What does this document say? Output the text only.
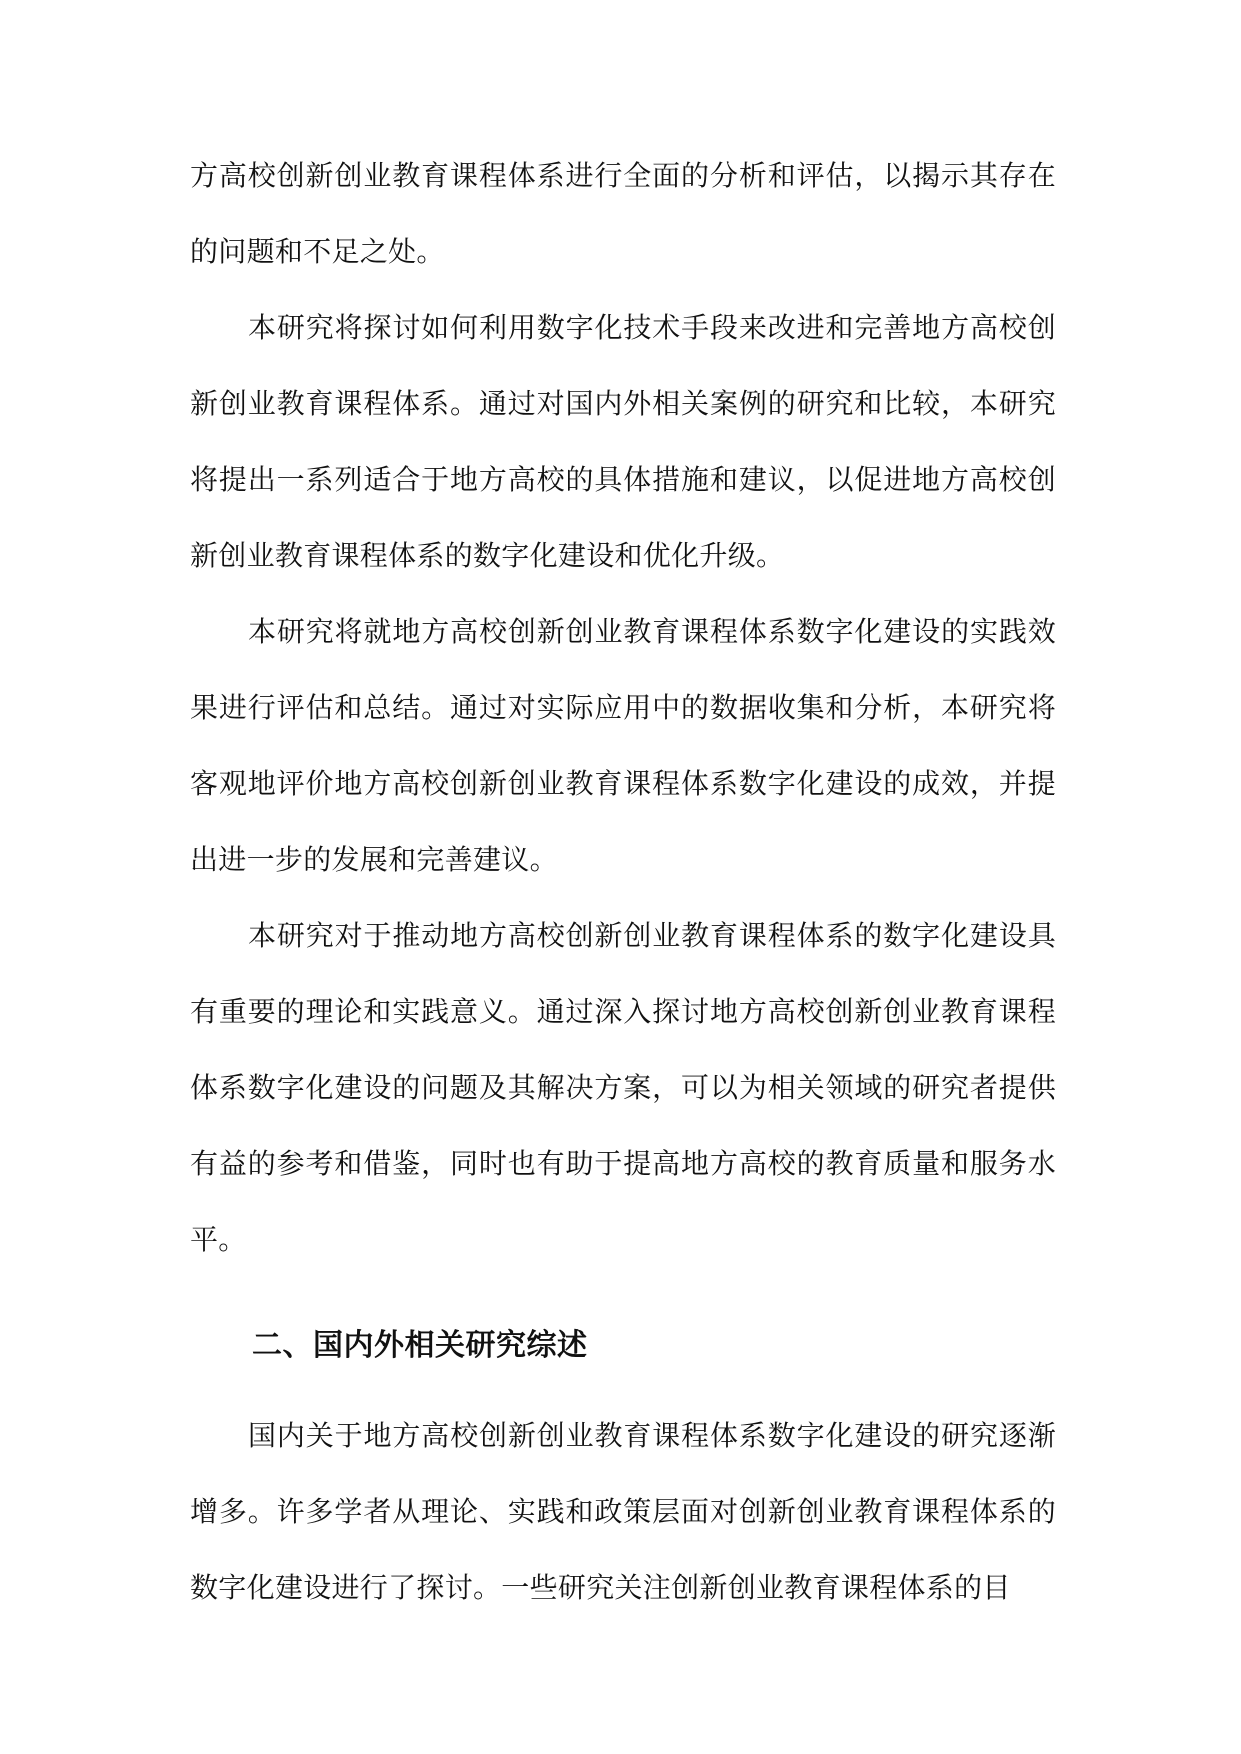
方高校创新创业教育课程体系进行全面的分析和评估，以揭示其存在的问题和不足之处。

本研究将探讨如何利用数字化技术手段来改进和完善地方高校创新创业教育课程体系。通过对国内外相关案例的研究和比较，本研究将提出一系列适合于地方高校的具体措施和建议，以促进地方高校创新创业教育课程体系的数字化建设和优化升级。

本研究将就地方高校创新创业教育课程体系数字化建设的实践效果进行评估和总结。通过对实际应用中的数据收集和分析，本研究将客观地评价地方高校创新创业教育课程体系数字化建设的成效，并提出进一步的发展和完善建议。

本研究对于推动地方高校创新创业教育课程体系的数字化建设具有重要的理论和实践意义。通过深入探讨地方高校创新创业教育课程体系数字化建设的问题及其解决方案，可以为相关领域的研究者提供有益的参考和借鉴，同时也有助于提高地方高校的教育质量和服务水平。

二、国内外相关研究综述

国内关于地方高校创新创业教育课程体系数字化建设的研究逐渐增多。许多学者从理论、实践和政策层面对创新创业教育课程体系的数字化建设进行了探讨。一些研究关注创新创业教育课程体系的目
